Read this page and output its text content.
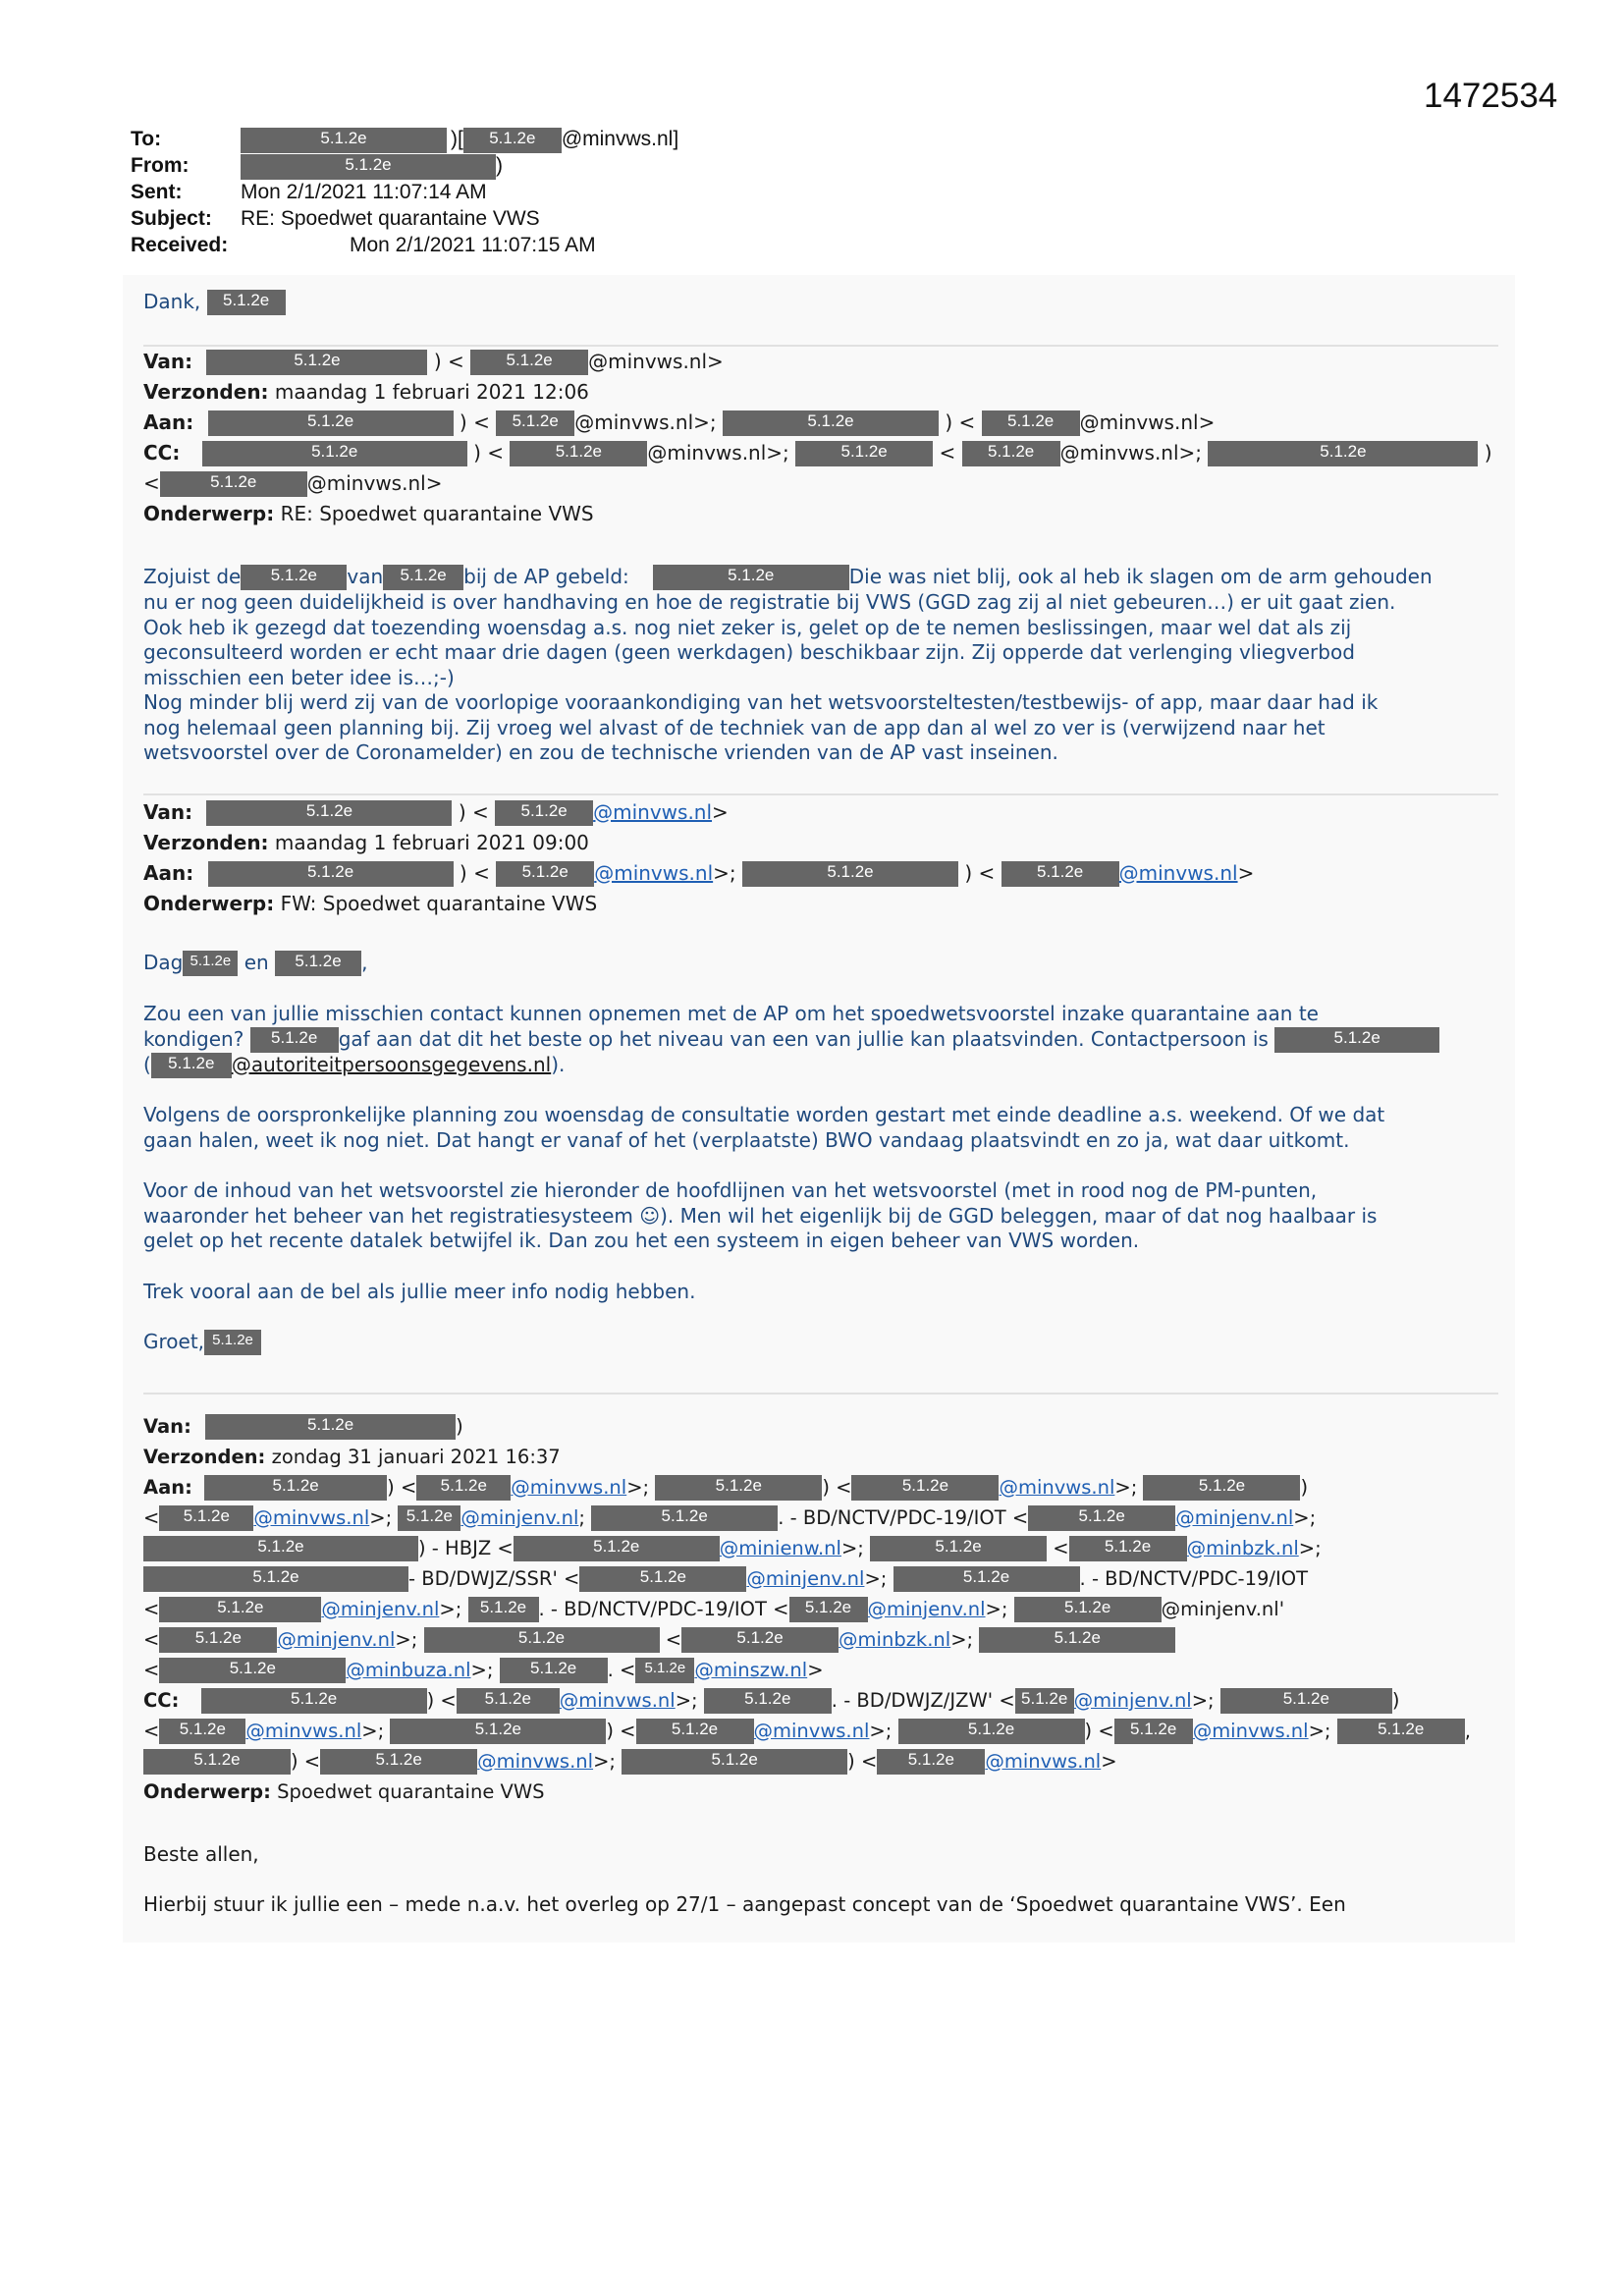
1472534
To:	5.1.2e	)[ 5.1.2e @minvws.nl]
From:	5.1.2e	)
Sent:	Mon 2/1/2021 11:07:14 AM
Subject: RE: Spoedwet quarantaine VWS
Received:	Mon 2/1/2021 11:07:15 AM
Dank, 5.1.2e
Van:	5.1.2e	) < 5.1.2e @minvws.nl>
Verzonden: maandag 1 februari 2021 12:06
Aan:	5.1.2e	) < 5.1.2e @minvws.nl>;	5.1.2e	) < 5.1.2e @minvws.nl>
CC:	5.1.2e	) <	5.1.2e @minvws.nl>;	5.1.2e < 5.1.2e @minvws.nl>;	5.1.2e	)
<	5.1.2e	@minvws.nl>
Onderwerp: RE: Spoedwet quarantaine VWS
Zojuist de 5.1.2e van 5.1.2e bij de AP gebeld:	5.1.2e	Die was niet blij, ook al heb ik slagen om de arm gehouden
nu er nog geen duidelijkheid is over handhaving en hoe de registratie bij VWS (GGD zag zij al niet gebeuren…) er uit gaat zien.
Ook heb ik gezegd dat toezending woensdag a.s. nog niet zeker is, gelet op de te nemen beslissingen, maar wel dat als zij
geconsulteerd worden er echt maar drie dagen (geen werkdagen) beschikbaar zijn. Zij opperde dat verlenging vliegverbod
misschien een beter idee is…;-)
Nog minder blij werd zij van de voorlopige vooraankondiging van het wetsvoorsteltesten/testbewijs- of app, maar daar had ik
nog helemaal geen planning bij. Zij vroeg wel alvast of de techniek van de app dan al wel zo ver is (verwijzend naar het
wetsvoorstel over de Coronamelder) en zou de technische vrienden van de AP vast inseinen.
Van:	5.1.2e	) < 5.1.2e @minvws.nl>
Verzonden: maandag 1 februari 2021 09:00
Aan:	5.1.2e	) < 5.1.2e @minvws.nl>;	5.1.2e	) < 5.1.2e @minvws.nl>
Onderwerp: FW: Spoedwet quarantaine VWS
Dag 5.1.2e en 5.1.2e ,
Zou een van jullie misschien contact kunnen opnemen met de AP om het spoedwetsvoorstel inzake quarantaine aan te
kondigen? 5.1.2e gaf aan dat dit het beste op het niveau van een van jullie kan plaatsvinden. Contactpersoon is	5.1.2e
( 5.1.2e @autoriteitpersoonsgegevens.nl).
Volgens de oorspronkelijke planning zou woensdag de consultatie worden gestart met einde deadline a.s. weekend. Of we dat
gaan halen, weet ik nog niet. Dat hangt er vanaf of het (verplaatste) BWO vandaag plaatsvindt en zo ja, wat daar uitkomt.
Voor de inhoud van het wetsvoorstel zie hieronder de hoofdlijnen van het wetsvoorstel (met in rood nog de PM-punten,
waaronder het beheer van het registratiesysteem ☺). Men wil het eigenlijk bij de GGD beleggen, maar of dat nog haalbaar is
gelet op het recente datalek betwijfel ik. Dan zou het een systeem in eigen beheer van VWS worden.
Trek vooral aan de bel als jullie meer info nodig hebben.
Groet, 5.1.2e
Van:	5.1.2e	)
Verzonden: zondag 31 januari 2021 16:37
Aan:	5.1.2e	) < 5.1.2e @minvws.nl>;	5.1.2e	) <	5.1.2e	@minvws.nl>;	5.1.2e	)
< 5.1.2e @minvws.nl>; 5.1.2e @minjenv.nl;	5.1.2e	. - BD/NCTV/PDC-19/IOT <	5.1.2e	@minjenv.nl>;
5.1.2e	) - HBJZ <	5.1.2e	@minienw.nl>;	5.1.2e	< 5.1.2e @minbzk.nl>;
5.1.2e	- BD/DWJZ/SSR' <	5.1.2e	@minjenv.nl>;	5.1.2e	. - BD/NCTV/PDC-19/IOT
<	5.1.2e	@minjenv.nl>; 5.1.2e . - BD/NCTV/PDC-19/IOT < 5.1.2e @minjenv.nl>;	5.1.2e	@minjenv.nl'
< 5.1.2e @minjenv.nl>;	5.1.2e	<	5.1.2e	@minbzk.nl>;	5.1.2e
<	5.1.2e	@minbuza.nl>; 5.1.2e . < 5.1.2e @minszw.nl>
CC:	5.1.2e	) < 5.1.2e @minvws.nl>; 5.1.2e . - BD/DWJZ/JZW' < 5.1.2e @minjenv.nl>;	5.1.2e	)
< 5.1.2e @minvws.nl>;	5.1.2e	) < 5.1.2e @minvws.nl>;	5.1.2e	) < 5.1.2e @minvws.nl>; 5.1.2e ,
5.1.2e	) <	5.1.2e	@minvws.nl>;	5.1.2e	) < 5.1.2e @minvws.nl>
Onderwerp: Spoedwet quarantaine VWS
Beste allen,
Hierbij stuur ik jullie een – mede n.a.v. het overleg op 27/1 – aangepast concept van de ‘Spoedwet quarantaine VWS’. Een
